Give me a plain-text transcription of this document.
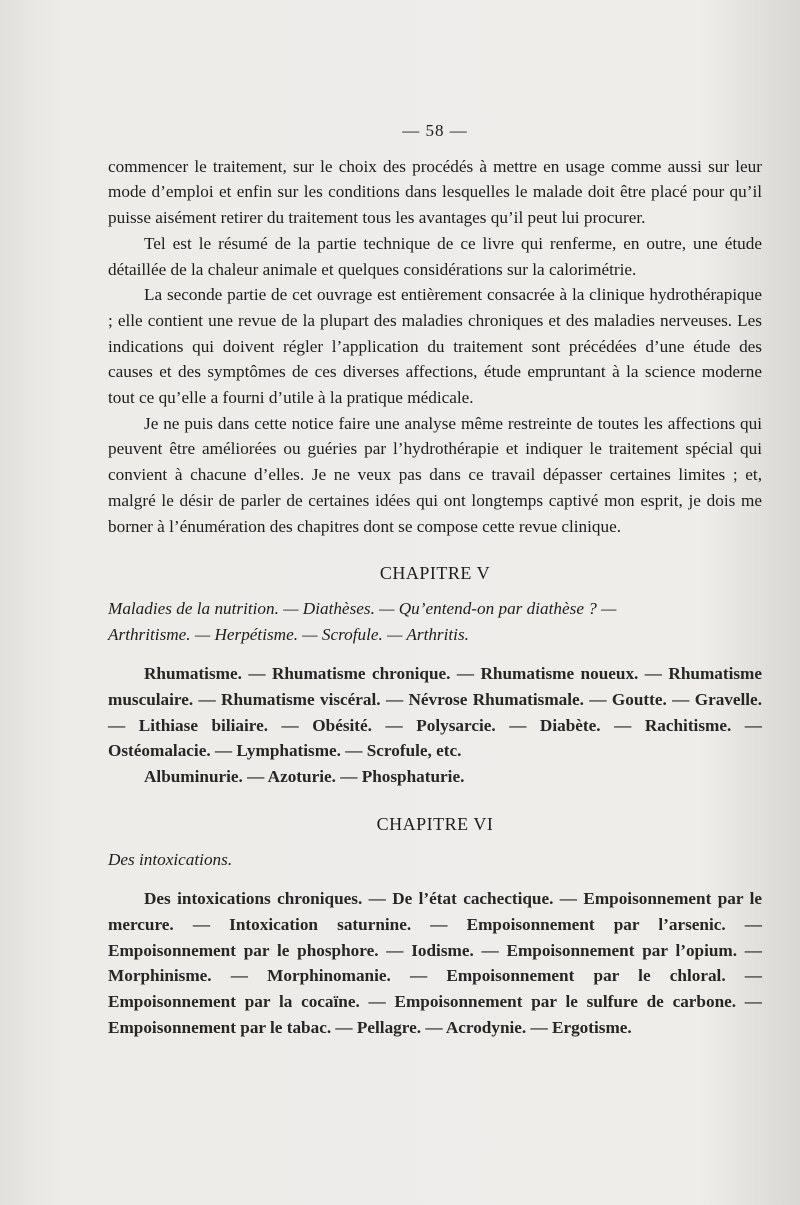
— 58 —

commencer le traitement, sur le choix des procédés à mettre en usage comme aussi sur leur mode d’emploi et enfin sur les conditions dans lesquelles le malade doit être placé pour qu’il puisse aisément retirer du traitement tous les avantages qu’il peut lui procurer.

Tel est le résumé de la partie technique de ce livre qui renferme, en outre, une étude détaillée de la chaleur animale et quelques considérations sur la calorimétrie.

La seconde partie de cet ouvrage est entièrement consacrée à la clinique hydrothérapique ; elle contient une revue de la plupart des maladies chroniques et des maladies nerveuses. Les indications qui doivent régler l’application du traitement sont précédées d’une étude des causes et des symptômes de ces diverses affections, étude empruntant à la science moderne tout ce qu’elle a fourni d’utile à la pratique médicale.

Je ne puis dans cette notice faire une analyse même restreinte de toutes les affections qui peuvent être améliorées ou guéries par l’hydrothérapie et indiquer le traitement spécial qui convient à chacune d’elles. Je ne veux pas dans ce travail dépasser certaines limites ; et, malgré le désir de parler de certaines idées qui ont longtemps captivé mon esprit, je dois me borner à l’énumération des chapitres dont se compose cette revue clinique.

CHAPITRE V

Maladies de la nutrition. — Diathèses. — Qu’entend-on par diathèse ? —

Arthritisme. — Herpétisme. — Scrofule. — Arthritis.

Rhumatisme. — Rhumatisme chronique. — Rhumatisme noueux. — Rhumatisme musculaire. — Rhumatisme viscéral. — Névrose Rhumatismale. — Goutte. — Gravelle. — Lithiase biliaire. — Obésité. — Polysarcie. — Diabète. — Rachitisme. — Ostéomalacie. — Lymphatisme. — Scrofule, etc.

Albuminurie. — Azoturie. — Phosphaturie.

CHAPITRE VI

Des intoxications.

Des intoxications chroniques. — De l’état cachectique. — Empoisonnement par le mercure. — Intoxication saturnine. — Empoisonnement par l’arsenic. — Empoisonnement par le phosphore. — Iodisme. — Empoisonnement par l’opium. — Morphinisme. — Morphinomanie. — Empoisonnement par le chloral. — Empoisonnement par la cocaïne. — Empoisonnement par le sulfure de carbone. — Empoisonnement par le tabac. — Pellagre. — Acrodynie. — Ergotisme.
